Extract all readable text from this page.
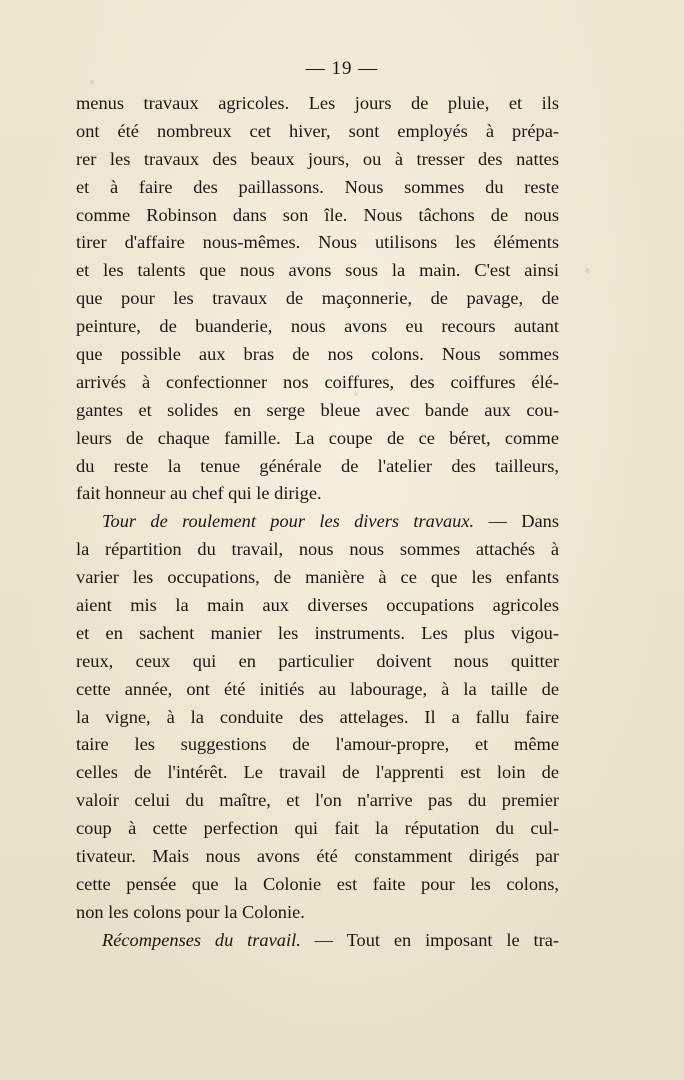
— 19 —
menus travaux agricoles. Les jours de pluie, et ils
ont été nombreux cet hiver, sont employés à prépa-
rer les travaux des beaux jours, ou à tresser des nattes
et à faire des paillassons. Nous sommes du reste
comme Robinson dans son île. Nous tâchons de nous
tirer d'affaire nous-mêmes. Nous utilisons les éléments
et les talents que nous avons sous la main. C'est ainsi
que pour les travaux de maçonnerie, de pavage, de
peinture, de buanderie, nous avons eu recours autant
que possible aux bras de nos colons. Nous sommes
arrivés à confectionner nos coiffures, des coiffures élé-
gantes et solides en serge bleue avec bande aux cou-
leurs de chaque famille. La coupe de ce béret, comme
du reste la tenue générale de l'atelier des tailleurs,
fait honneur au chef qui le dirige.
Tour de roulement pour les divers travaux. — Dans
la répartition du travail, nous nous sommes attachés à
varier les occupations, de manière à ce que les enfants
aient mis la main aux diverses occupations agricoles
et en sachent manier les instruments. Les plus vigou-
reux, ceux qui en particulier doivent nous quitter
cette année, ont été initiés au labourage, à la taille de
la vigne, à la conduite des attelages. Il a fallu faire
taire les suggestions de l'amour-propre, et même
celles de l'intérêt. Le travail de l'apprenti est loin de
valoir celui du maître, et l'on n'arrive pas du premier
coup à cette perfection qui fait la réputation du cul-
tivateur. Mais nous avons été constamment dirigés par
cette pensée que la Colonie est faite pour les colons,
non les colons pour la Colonie.
Récompenses du travail. — Tout en imposant le tra-
